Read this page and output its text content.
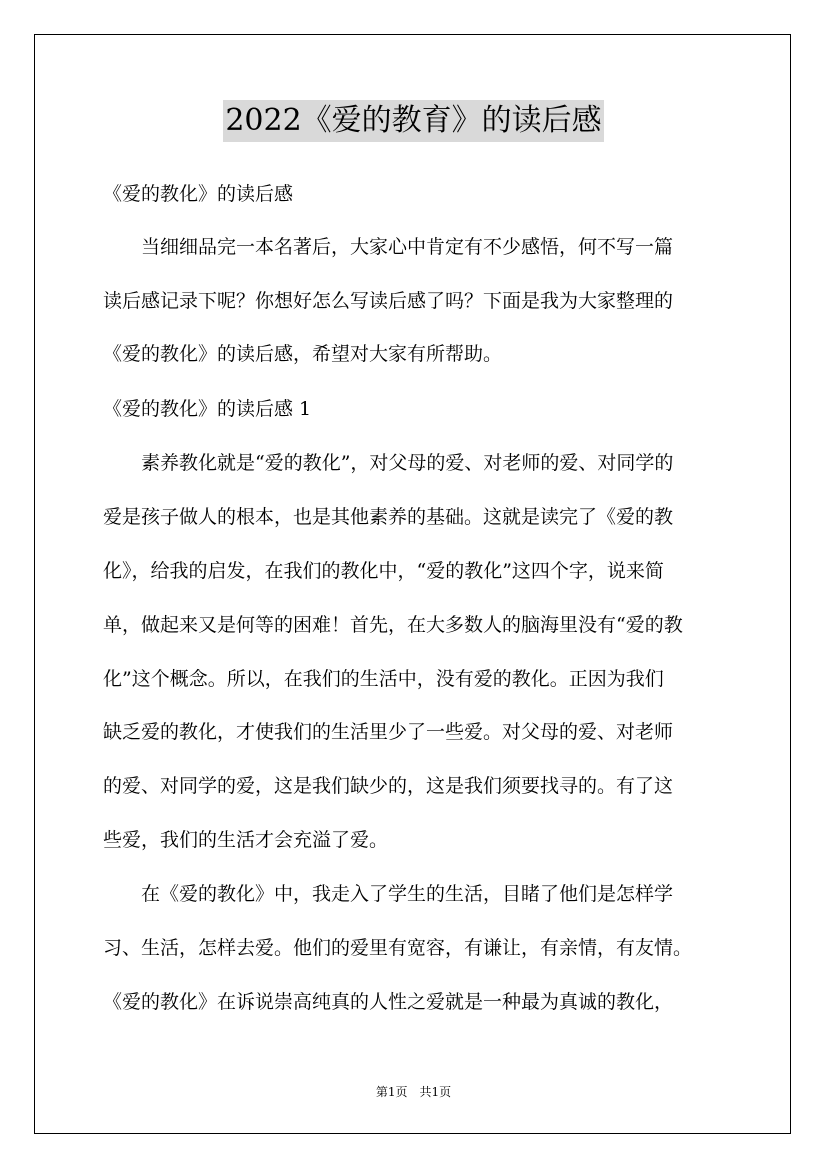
2022《爱的教育》的读后感
《爱的教化》的读后感
　　当细细品完一本名著后，大家心中肯定有不少感悟，何不写一篇
读后感记录下呢？你想好怎么写读后感了吗？下面是我为大家整理的
《爱的教化》的读后感，希望对大家有所帮助。
《爱的教化》的读后感 1
　　素养教化就是“爱的教化”，对父母的爱、对老师的爱、对同学的
爱是孩子做人的根本，也是其他素养的基础。这就是读完了《爱的教
化》，给我的启发，在我们的教化中，“爱的教化”这四个字，说来简
单，做起来又是何等的困难！首先，在大多数人的脑海里没有“爱的教
化”这个概念。所以，在我们的生活中，没有爱的教化。正因为我们
缺乏爱的教化，才使我们的生活里少了一些爱。对父母的爱、对老师
的爱、对同学的爱，这是我们缺少的，这是我们须要找寻的。有了这
些爱，我们的生活才会充溢了爱。
　　在《爱的教化》中，我走入了学生的生活，目睹了他们是怎样学
习、生活，怎样去爱。他们的爱里有宽容，有谦让，有亲情，有友情。
《爱的教化》在诉说崇高纯真的人性之爱就是一种最为真诚的教化，
第1页　共1页
